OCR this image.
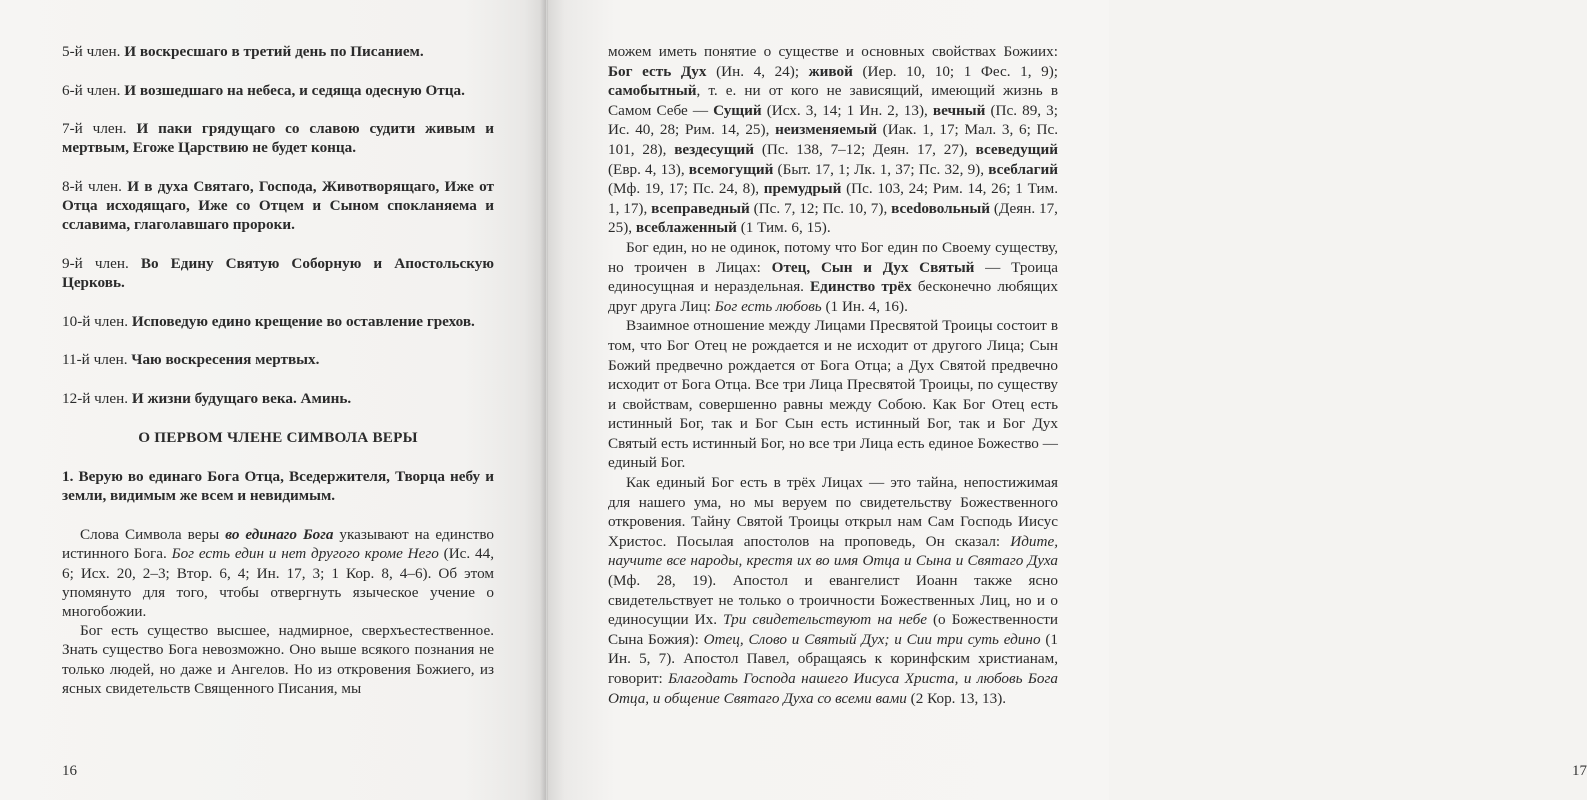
5-й член. И воскресшаго в третий день по Писанием.

6-й член. И возшедшаго на небеса, и седяща одесную Отца.

7-й член. И паки грядущаго со славою судити живым и мертвым, Егоже Царствию не будет конца.

8-й член. И в духа Святаго, Господа, Животворящаго, Иже от Отца исходящаго, Иже со Отцем и Сыном спокланяема и сславима, глаголавшаго пророки.

9-й член. Во Едину Святую Соборную и Апостольскую Церковь.

10-й член. Исповедую едино крещение во оставление грехов.

11-й член. Чаю воскресения мертвых.

12-й член. И жизни будущаго века. Аминь.

О ПЕРВОМ ЧЛЕНЕ СИМВОЛА ВЕРЫ
1. Верую во единаго Бога Отца, Вседержителя, Творца небу и земли, видимым же всем и невидимым.

Слова Символа веры во единаго Бога указывают на единство истинного Бога. Бог есть един и нет другого кроме Него (Ис. 44, 6; Исх. 20, 2–3; Втор. 6, 4; Ин. 17, 3; 1 Кор. 8, 4–6). Об этом упомянуто для того, чтобы отвергнуть языческое учение о многобожии.

Бог есть существо высшее, надмирное, сверхъестественное. Знать существо Бога невозможно. Оно выше всякого познания не только людей, но даже и Ангелов. Но из откровения Божиего, из ясных свидетельств Священного Писания, мы

16	17

можем иметь понятие о существе и основных свойствах Божиих: Бог есть Дух (Ин. 4, 24); живой (Иер. 10, 10; 1 Фес. 1, 9); самобытный, т. е. ни от кого не зависящий, имеющий жизнь в Самом Себе — Сущий (Исх. 3, 14; 1 Ин. 2, 13), вечный (Пс. 89, 3; Ис. 40, 28; Рим. 14, 25), неизменяемый (Иак. 1, 17; Мал. 3, 6; Пс. 101, 28), вездесущий (Пс. 138, 7–12; Деян. 17, 27), всеведущий (Евр. 4, 13), всемогущий (Быт. 17, 1; Лк. 1, 37; Пс. 32, 9), всеблагий (Мф. 19, 17; Пс. 24, 8), премудрый (Пс. 103, 24; Рим. 14, 26; 1 Тим. 1, 17), всеправедный (Пс. 7, 12; Пс. 10, 7), всedовольный (Деян. 17, 25), всеблаженный (1 Тим. 6, 15).

Бог един, но не одинок, потому что Бог един по Своему существу, но троичен в Лицах: Отец, Сын и Дух Святый — Троица единосущная и нераздельная. Единство трёх бесконечно любящих друг друга Лиц: Бог есть любовь (1 Ин. 4, 16).

Взаимное отношение между Лицами Пресвятой Троицы состоит в том, что Бог Отец не рождается и не исходит от другого Лица; Сын Божий предвечно рождается от Бога Отца; а Дух Святой предвечно исходит от Бога Отца. Все три Лица Пресвятой Троицы, по существу и свойствам, совершенно равны между Собою. Как Бог Отец есть истинный Бог, так и Бог Сын есть истинный Бог, так и Бог Дух Святый есть истинный Бог, но все три Лица есть единое Божество — единый Бог.

Как единый Бог есть в трёх Лицах — это тайна, непостижимая для нашего ума, но мы веруем по свидетельству Божественного откровения. Тайну Святой Троицы открыл нам Сам Господь Иисус Христос. Посылая апостолов на проповедь, Он сказал: Идите, научите все народы, крестя их во имя Отца и Сына и Святаго Духа (Мф. 28, 19). Апостол и евангелист Иоанн также ясно свидетельствует не только о троичности Божественных Лиц, но и о единосущии Их. Три свидетельствуют на небе (о Божественности Сына Божия): Отец, Слово и Святый Дух; и Сии три суть едино (1 Ин. 5, 7). Апостол Павел, обращаясь к коринфским христианам, говорит: Благодать Господа нашего Иисуса Христа, и любовь Бога Отца, и общение Святаго Духа со всеми вами (2 Кор. 13, 13).
